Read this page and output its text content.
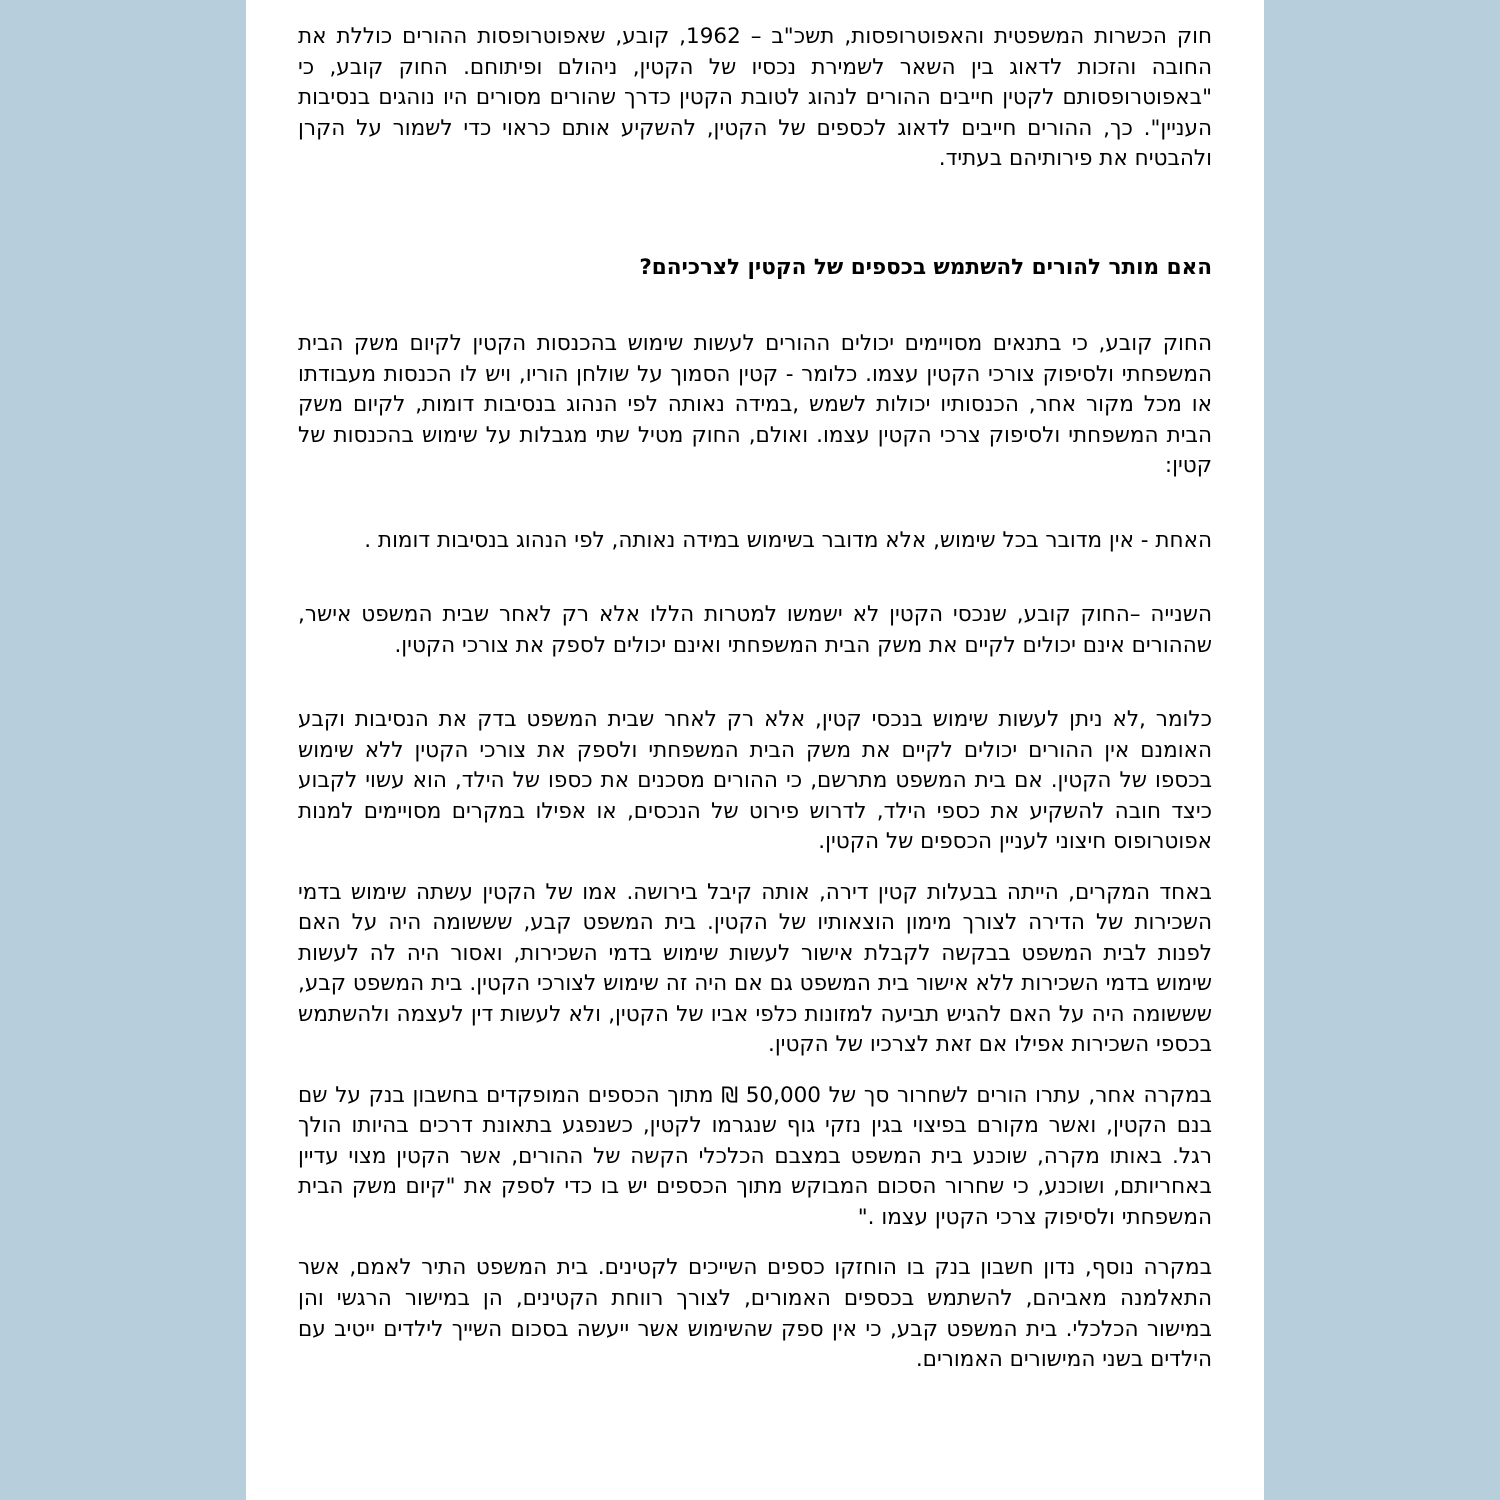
חוק הכשרות המשפטית והאפוטרופסות, תשכ"ב – 1962, קובע, שאפוטרופסות ההורים כוללת את החובה והזכות לדאוג בין השאר לשמירת נכסיו של הקטין, ניהולם ופיתוחם. החוק קובע, כי "באפוטרופסותם לקטין חייבים ההורים לנהוג לטובת הקטין כדרך שהורים מסורים היו נוהגים בנסיבות העניין". כך, ההורים חייבים לדאוג לכספים של הקטין, להשקיע אותם כראוי כדי לשמור על הקרן ולהבטיח את פירותיהם בעתיד.

האם מותר להורים להשתמש בכספים של הקטין לצרכיהם?

החוק קובע, כי בתנאים מסויימים יכולים ההורים לעשות שימוש בהכנסות הקטין לקיום משק הבית המשפחתי ולסיפוק צורכי הקטין עצמו. כלומר - קטין הסמוך על שולחן הוריו, ויש לו הכנסות מעבודתו או מכל מקור אחר, הכנסותיו יכולות לשמש ,במידה נאותה לפי הנהוג בנסיבות דומות, לקיום משק הבית המשפחתי ולסיפוק צרכי הקטין עצמו. ואולם, החוק מטיל שתי מגבלות על שימוש בהכנסות של קטין:

האחת - אין מדובר בכל שימוש, אלא מדובר בשימוש במידה נאותה, לפי הנהוג בנסיבות דומות .

השנייה –החוק קובע, שנכסי הקטין לא ישמשו למטרות הללו אלא רק לאחר שבית המשפט אישר, שההורים אינם יכולים לקיים את משק הבית המשפחתי ואינם יכולים לספק את צורכי הקטין.

כלומר ,לא ניתן לעשות שימוש בנכסי קטין, אלא רק לאחר שבית המשפט בדק את הנסיבות וקבע האומנם אין ההורים יכולים לקיים את משק הבית המשפחתי ולספק את צורכי הקטין ללא שימוש בכספו של הקטין. אם בית המשפט מתרשם, כי ההורים מסכנים את כספו של הילד, הוא עשוי לקבוע כיצד חובה להשקיע את כספי הילד, לדרוש פירוט של הנכסים, או אפילו במקרים מסויימים למנות אפוטרופוס חיצוני לעניין הכספים של הקטין.

באחד המקרים, הייתה בבעלות קטין דירה, אותה קיבל בירושה. אמו של הקטין עשתה שימוש בדמי השכירות של הדירה לצורך מימון הוצאותיו של הקטין. בית המשפט קבע, שששומה היה על האם לפנות לבית המשפט בבקשה לקבלת אישור לעשות שימוש בדמי השכירות, ואסור היה לה לעשות שימוש בדמי השכירות ללא אישור בית המשפט גם אם היה זה שימוש לצורכי הקטין. בית המשפט קבע, שששומה היה על האם להגיש תביעה למזונות כלפי אביו של הקטין, ולא לעשות דין לעצמה ולהשתמש בכספי השכירות אפילו אם זאת לצרכיו של הקטין.

במקרה אחר, עתרו הורים לשחרור סך של 50,000 ₪ מתוך הכספים המופקדים בחשבון בנק על שם בנם הקטין, ואשר מקורם בפיצוי בגין נזקי גוף שנגרמו לקטין, כשנפגע בתאונת דרכים בהיותו הולך רגל. באותו מקרה, שוכנע בית המשפט במצבם הכלכלי הקשה של ההורים, אשר הקטין מצוי עדיין באחריותם, ושוכנע, כי שחרור הסכום המבוקש מתוך הכספים יש בו כדי לספק את "קיום משק הבית המשפחתי ולסיפוק צרכי הקטין עצמו ."

במקרה נוסף, נדון חשבון בנק בו הוחזקו כספים השייכים לקטינים. בית המשפט התיר לאמם, אשר התאלמנה מאביהם, להשתמש בכספים האמורים, לצורך רווחת הקטינים, הן במישור הרגשי והן במישור הכלכלי. בית המשפט קבע, כי אין ספק שהשימוש אשר ייעשה בסכום השייך לילדים ייטיב עם הילדים בשני המישורים האמורים.
